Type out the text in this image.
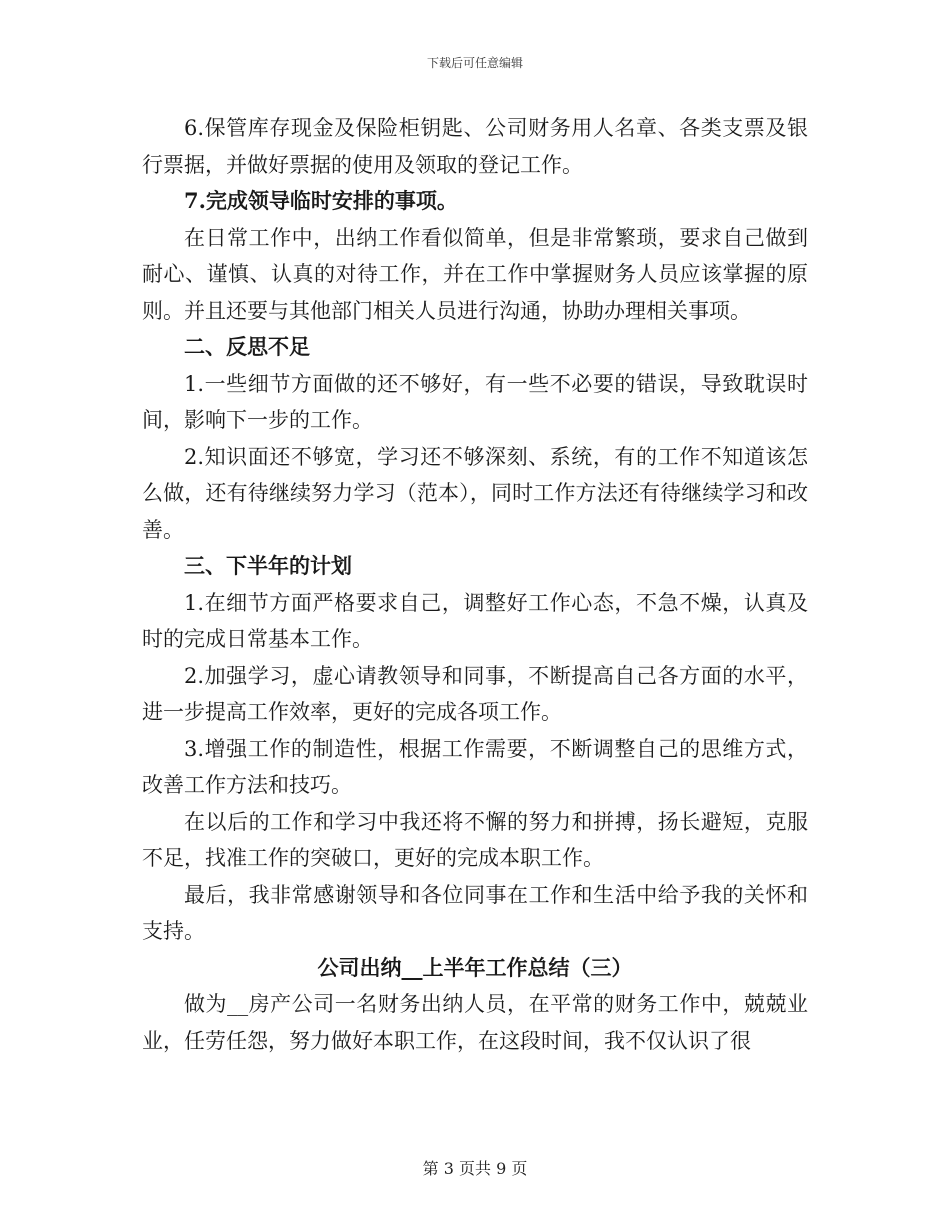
下载后可任意编辑

6.保管库存现金及保险柜钥匙、公司财务用人名章、各类支票及银行票据，并做好票据的使用及领取的登记工作。

7.完成领导临时安排的事项。

在日常工作中，出纳工作看似简单，但是非常繁琐，要求自己做到耐心、谨慎、认真的对待工作，并在工作中掌握财务人员应该掌握的原则。并且还要与其他部门相关人员进行沟通，协助办理相关事项。

二、反思不足

1.一些细节方面做的还不够好，有一些不必要的错误，导致耽误时间，影响下一步的工作。

2.知识面还不够宽，学习还不够深刻、系统，有的工作不知道该怎么做，还有待继续努力学习（范本），同时工作方法还有待继续学习和改善。

三、下半年的计划

1.在细节方面严格要求自己，调整好工作心态，不急不燥，认真及时的完成日常基本工作。

2.加强学习，虚心请教领导和同事，不断提高自己各方面的水平，进一步提高工作效率，更好的完成各项工作。

3.增强工作的制造性，根据工作需要，不断调整自己的思维方式，改善工作方法和技巧。

在以后的工作和学习中我还将不懈的努力和拼搏，扬长避短，克服不足，找准工作的突破口，更好的完成本职工作。

最后，我非常感谢领导和各位同事在工作和生活中给予我的关怀和支持。

公司出纳__上半年工作总结（三）

做为__房产公司一名财务出纳人员，在平常的财务工作中，兢兢业业，任劳任怨，努力做好本职工作，在这段时间，我不仅认识了很

第 3 页共 9 页
